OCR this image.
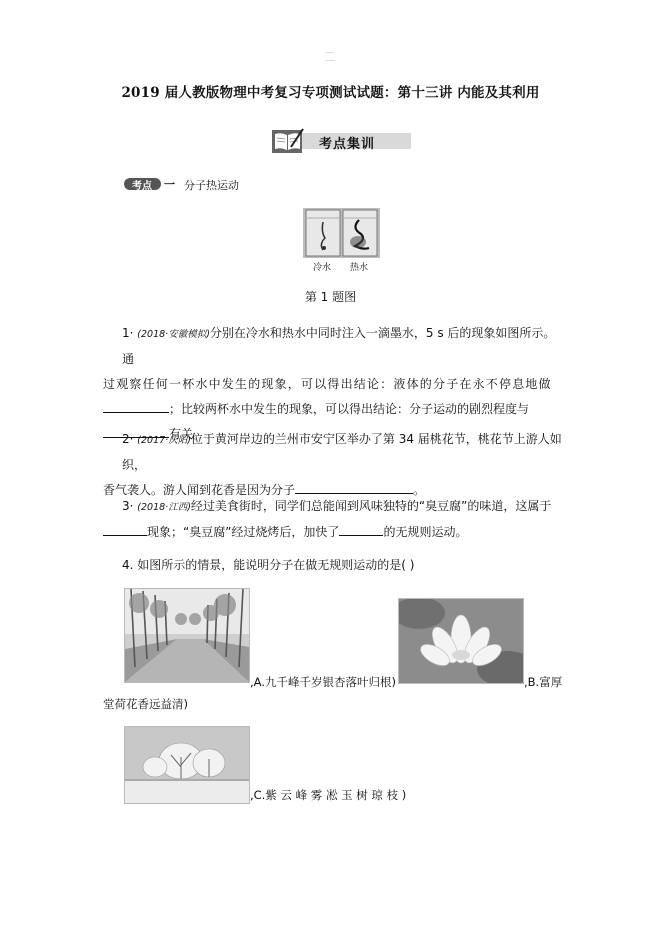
2019 届人教版物理中考复习专项测试试题：第十三讲 内能及其利用
考点集训
考点 一 分子热运动
冷水 热水
第 1 题图
1· (2018·安徽模拟)分别在冷水和热水中同时注入一滴墨水，5 s 后的现象如图所示。通
过观察任何一杯水中发生的现象，可以得出结论：液体的分子在永不停息地做
；比较两杯水中发生的现象，可以得出结论：分子运动的剧烈程度与
有关。
2· (2017·庆阳)位于黄河岸边的兰州市安宁区举办了第 34 届桃花节，桃花节上游人如织，
香气袭人。游人闻到花香是因为分子	。
3· (2018·江西)经过美食街时，同学们总能闻到风味独特的“臭豆腐”的味道，这属于
现象；“臭豆腐”经过烧烤后，加快了	的无规则运动。
4. 如图所示的情景，能说明分子在做无规则运动的是( )
,A.九千峰千岁银杏落叶归根)	,B.富厚
堂荷花香远益清)
,C.紫 云 峰 雾 凇 玉 树 琼 枝 )
